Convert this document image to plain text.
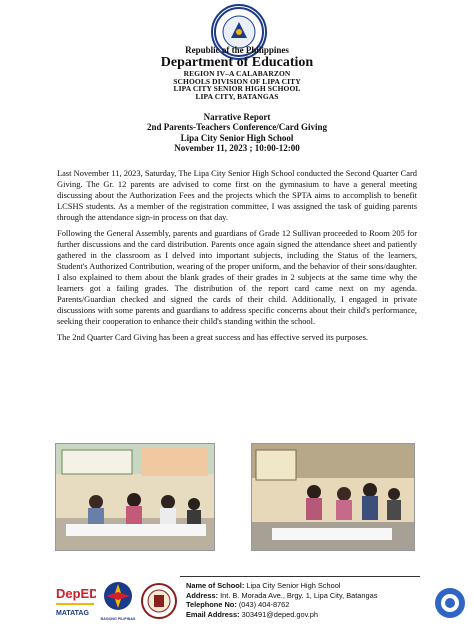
Republic of the Philippines
Department of Education
REGION IV–A CALABARZON
SCHOOLS DIVISION OF LIPA CITY
LIPA CITY SENIOR HIGH SCHOOL
LIPA CITY, BATANGAS
Narrative Report
2nd Parents-Teachers Conference/Card Giving
Lipa City Senior High School
November 11, 2023 ; 10:00-12:00

Last November 11, 2023, Saturday, The Lipa City Senior High School conducted the Second Quarter Card Giving. The Gr. 12 parents are advised to come first on the gymnasium to have a general meeting discussing about the Authorization Fees and the projects which the SPTA aims to accomplish to benefit LCSHS students. As a member of the registration committee, I was assigned the task of guiding parents through the attendance sign-in process on that day.

Following the General Assembly, parents and guardians of Grade 12 Sullivan proceeded to Room 205 for further discussions and the card distribution. Parents once again signed the attendance sheet and patiently gathered in the classroom as I delved into important subjects, including the Status of the learners, Student's Authorized Contribution, wearing of the proper uniform, and the behavior of their sons/daughter. I also explained to them about the blank grades of their grades in 2 subjects at the same time why the learners got a failing grades. The distribution of the report card came next on my agenda. Parents/Guardian checked and signed the cards of their child. Additionally, I engaged in private discussions with some parents and guardians to address specific concerns about their child's performance, seeking their cooperation to enhance their child's standing within the school.

The 2nd Quarter Card Giving has been a great success and has effective served its purposes.

DepED
MATATAG
BAGONG PILIPINAS
Name of School: Lipa City Senior High School
Address: Int. B. Morada Ave., Brgy. 1, Lipa City, Batangas
Telephone No: (043) 404-8762
Email Address: 303491@deped.gov.ph
